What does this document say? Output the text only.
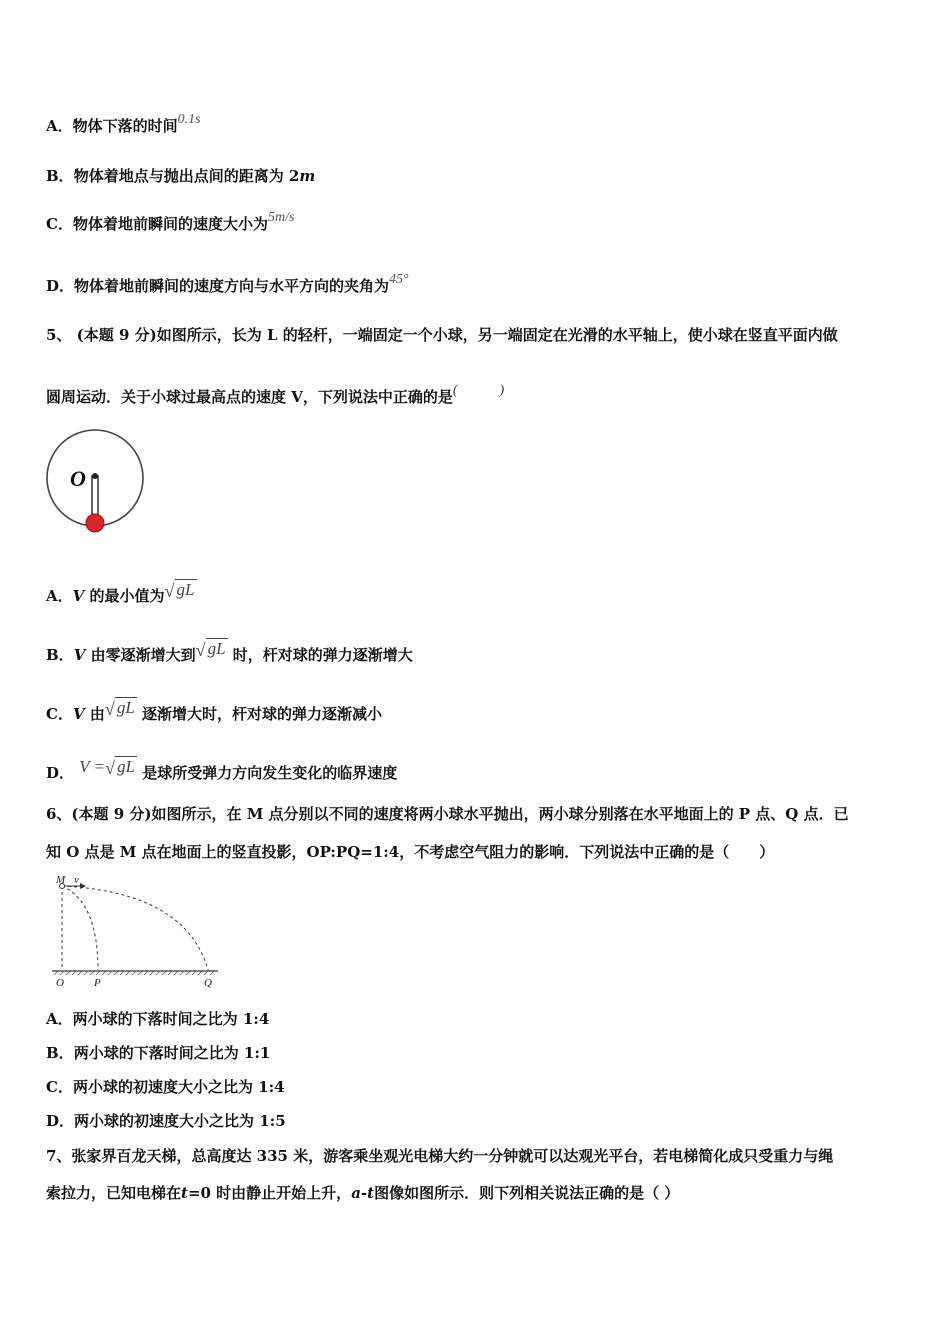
A．物体下落的时间0.1s
B．物体着地点与抛出点间的距离为 2m
C．物体着地前瞬间的速度大小为5m/s
D．物体着地前瞬间的速度方向与水平方向的夹角为45°
5、 (本题 9 分)如图所示，长为 L 的轻杆，一端固定一个小球，另一端固定在光滑的水平轴上，使小球在竖直平面内做
圆周运动．关于小球过最高点的速度 V，下列说法中正确的是(            )
O
A．V 的最小值为 √ gL
B．V 由零逐渐增大到 √ gL 时，杆对球的弹力逐渐增大
C．V 由 √ gL 逐渐增大时，杆对球的弹力逐渐减小
D． V = √ gL 是球所受弹力方向发生变化的临界速度
6、(本题 9 分)如图所示，在 M 点分别以不同的速度将两小球水平抛出，两小球分别落在水平地面上的 P 点、Q 点．已
知 O 点是 M 点在地面上的竖直投影，OP:PQ=1:4，不考虑空气阻力的影响．下列说法中正确的是（　　）
M v
O	P	Q
A．两小球的下落时间之比为 1:4
B．两小球的下落时间之比为 1:1
C．两小球的初速度大小之比为 1:4
D．两小球的初速度大小之比为 1:5
7、张家界百龙天梯，总高度达 335 米，游客乘坐观光电梯大约一分钟就可以达观光平台，若电梯简化成只受重力与绳
索拉力，已知电梯在t=0 时由静止开始上升，a-t图像如图所示．则下列相关说法正确的是（ ）
